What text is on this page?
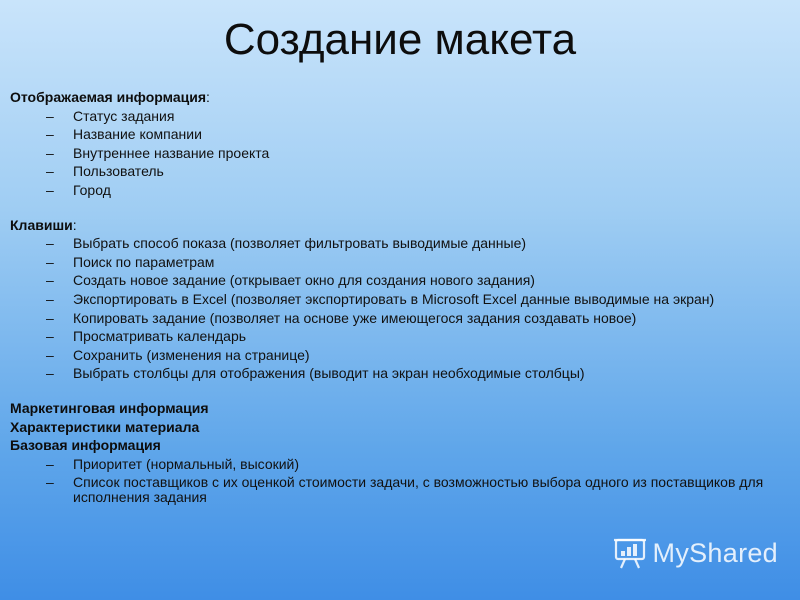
Создание макета
Отображаемая информация:
– Статус задания
– Название компании
– Внутреннее название проекта
– Пользователь
– Город
Клавиши:
– Выбрать способ показа (позволяет фильтровать выводимые данные)
– Поиск по параметрам
– Создать новое задание (открывает окно для создания нового задания)
– Экспортировать в Excel (позволяет экспортировать в Microsoft Excel данные выводимые на экран)
– Копировать задание (позволяет на основе уже имеющегося задания создавать новое)
– Просматривать календарь
– Сохранить (изменения на странице)
– Выбрать столбцы для отображения (выводит на экран необходимые столбцы)
Маркетинговая информация
Характеристики материала
Базовая информация
– Приоритет (нормальный, высокий)
– Список поставщиков с их оценкой стоимости задачи, с возможностью выбора одного из поставщиков для исполнения задания
MyShared
